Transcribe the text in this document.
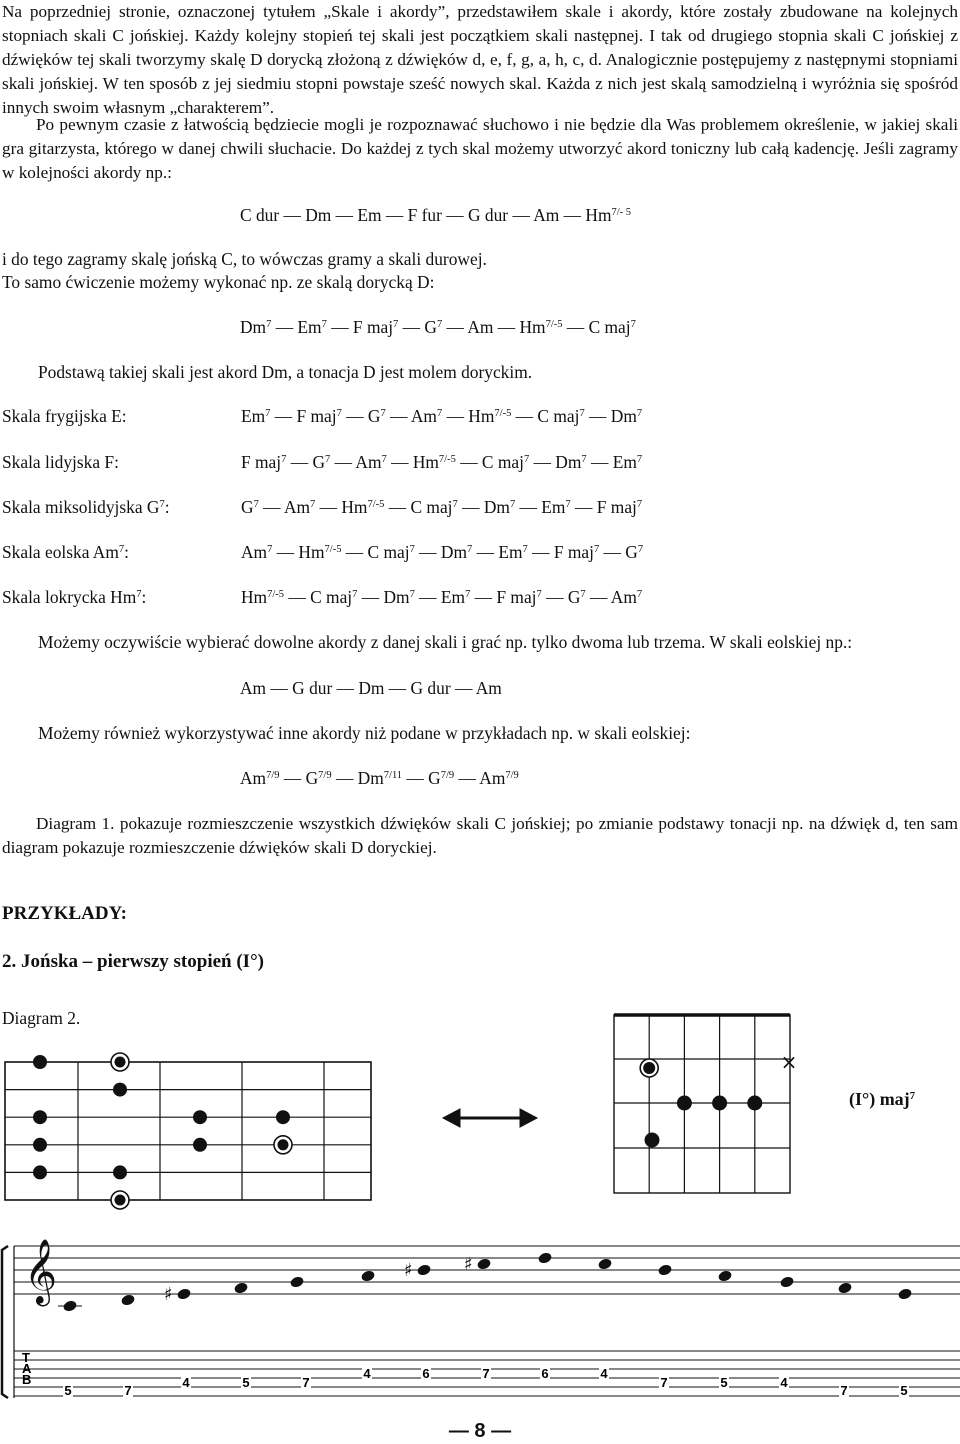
Na poprzedniej stronie, oznaczonej tytułem „Skale i akordy”, przedstawiłem skale i akordy, które zostały zbudowane na kolejnych stopniach skali C jońskiej. Każdy kolejny stopień tej skali jest początkiem skali następnej. I tak od drugiego stopnia skali C jońskiej z dźwięków tej skali tworzymy skalę D dorycką złożoną z dźwięków d, e, f, g, a, h, c, d. Analogicznie postępujemy z następnymi stopniami skali jońskiej. W ten sposób z jej siedmiu stopni powstaje sześć nowych skal. Każda z nich jest skalą samodzielną i wyróżnia się spośród innych swoim własnym „charakterem”.
Po pewnym czasie z łatwością będziecie mogli je rozpoznawać słuchowo i nie będzie dla Was problemem określenie, w jakiej skali gra gitarzysta, którego w danej chwili słuchacie. Do każdej z tych skal możemy utworzyć akord toniczny lub całą kadencję. Jeśli zagramy w kolejności akordy np.:
C dur — Dm — Em — F fur — G dur — Am — $Hm^{7/- 5}$
i do tego zagramy skalę jońską C, to wówczas gramy a skali durowej.
To samo ćwiczenie możemy wykonać np. ze skalą dorycką D:
Dm$^7$ — Em$^7$ — F maj$^7$ — $G^7$ — Am — $Hm^{7/-5}$ — C maj$^7$
Podstawą takiej skali jest akord Dm, a tonacja D jest molem doryckim.
Skala frygijska E:	Em$^7$ — F maj$^7$ — $G^7$ — Am$^7$ — $Hm^{7/-5}$ — C maj$^7$ — Dm$^7$
Skala lidyjska F:	F maj$^7$ — $G^7$ — Am$^7$ — $Hm^{7/-5}$ — C maj$^7$ — Dm$^7$ — Em$^7$
Skala miksolidyjska $G^7$:	$G^7$ — Am$^7$ — $Hm^{7/-5}$ — C maj$^7$ — Dm$^7$ — Em$^7$ — F maj$^7$
Skala eolska Am$^7$:	Am$^7$ — $Hm^{7/-5}$ — C maj$^7$ — Dm$^7$ — Em$^7$ — F maj$^7$ — $G^7$
Skala lokrycka Hm$^7$:	$Hm^{7/-5}$ — C maj$^7$ — Dm$^7$ — Em$^7$ — F maj$^7$ — $G^7$ — Am$^7$
Możemy oczywiście wybierać dowolne akordy z danej skali i grać np. tylko dwoma lub trzema. W skali eolskiej np.:
Am — G dur — Dm — G dur — Am
Możemy również wykorzystywać inne akordy niż podane w przykładach np. w skali eolskiej:
$Am^{7/9}$ — $G^{7/9}$ — $Dm^{7/11}$ — $G^{7/9}$ — $Am^{7/9}$
Diagram 1. pokazuje rozmieszczenie wszystkich dźwięków skali C jońskiej; po zmianie podstawy tonacji np. na dźwięk d, ten sam diagram pokazuje rozmieszczenie dźwięków skali D doryckiej.
PRZYKŁADY:
2. Jońska – pierwszy stopień (I°)
Diagram 2.
(I°) maj$^7$
×
𝄞	♯
♯	♯
T
A
B
5	7
4	5	7
4	6	7	6	4
7	5	4
7	5
— 8 —
